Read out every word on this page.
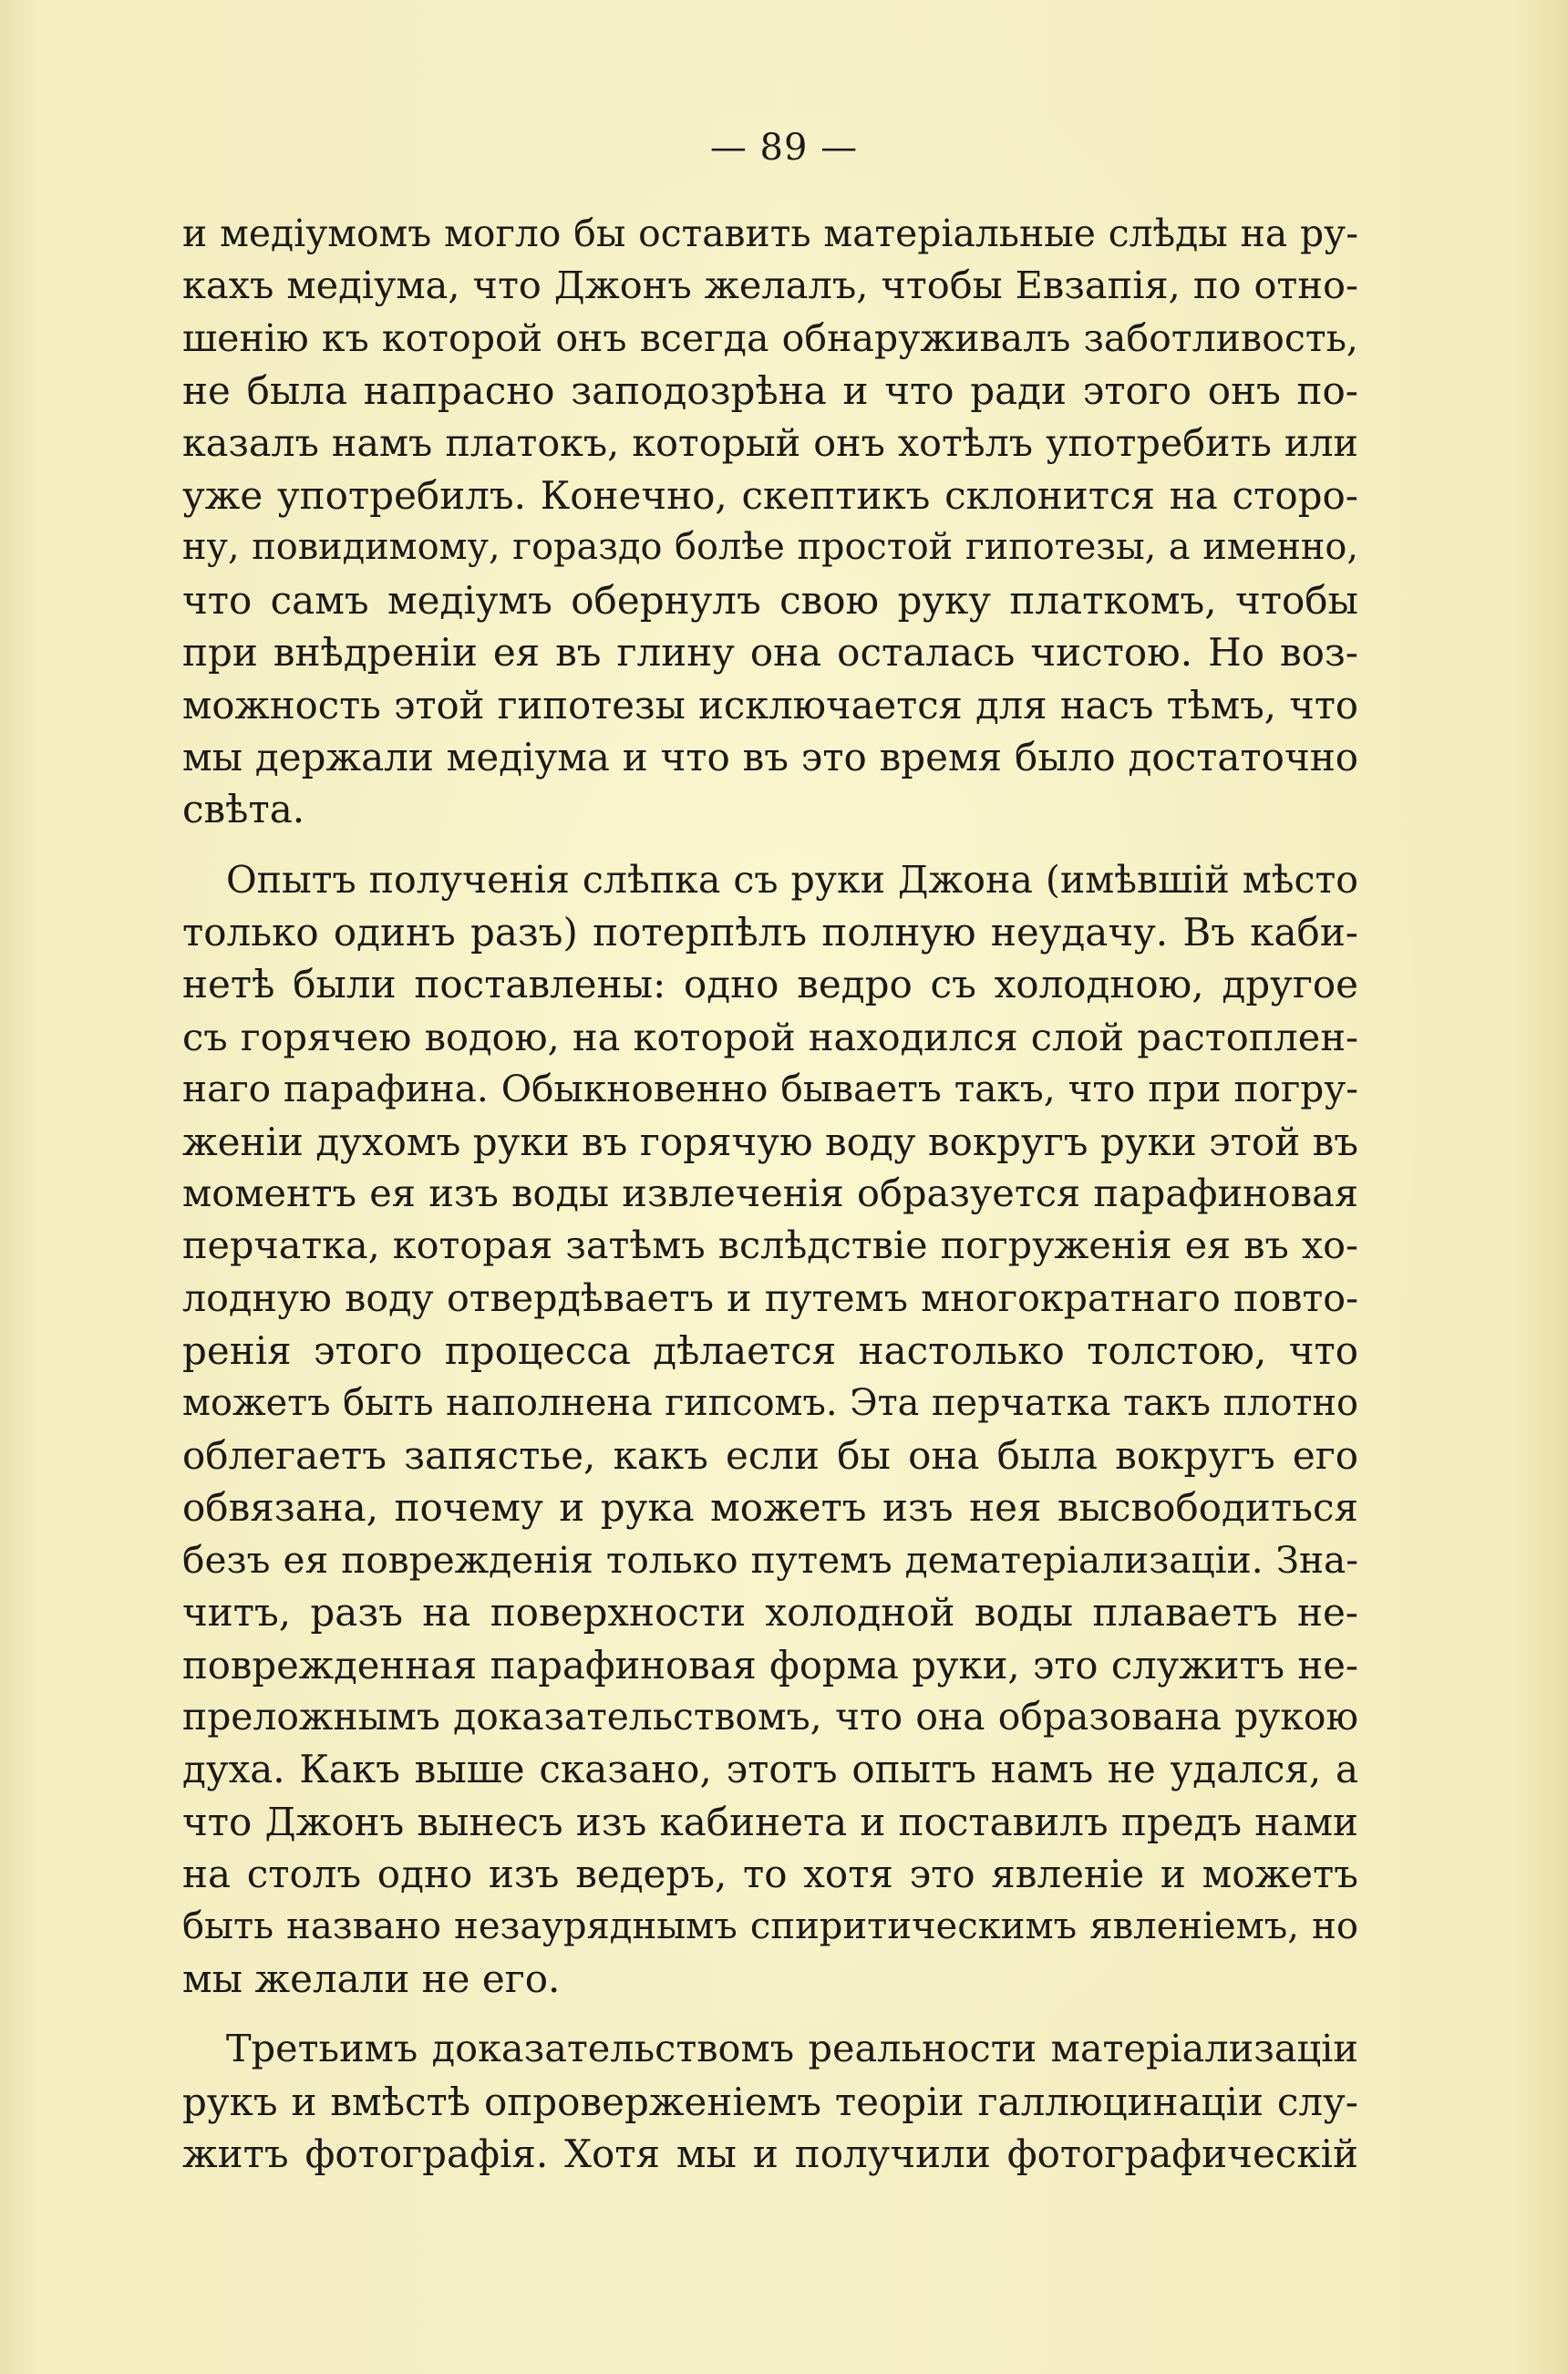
— 89 —
и медіумомъ могло бы оставить матеріальные слѣды на ру-
кахъ медіума, что Джонъ желалъ, чтобы Евзапія, по отно-
шенію къ которой онъ всегда обнаруживалъ заботливость,
не была напрасно заподозрѣна и что ради этого онъ по-
казалъ намъ платокъ, который онъ хотѣлъ употребить или
уже употребилъ. Конечно, скептикъ склонится на сторо-
ну, повидимому, гораздо болѣе простой гипотезы, а именно,
что самъ медіумъ обернулъ свою руку платкомъ, чтобы
при внѣдреніи ея въ глину она осталась чистою. Но воз-
можность этой гипотезы исключается для насъ тѣмъ, что
мы держали медіума и что въ это время было достаточно
свѣта.
Опытъ полученія слѣпка съ руки Джона (имѣвшій мѣсто
только одинъ разъ) потерпѣлъ полную неудачу. Въ каби-
нетѣ были поставлены: одно ведро съ холодною, другое
съ горячею водою, на которой находился слой растоплен-
наго парафина. Обыкновенно бываетъ такъ, что при погру-
женіи духомъ руки въ горячую воду вокругъ руки этой въ
моментъ ея изъ воды извлеченія образуется парафиновая
перчатка, которая затѣмъ вслѣдствіе погруженія ея въ хо-
лодную воду отвердѣваетъ и путемъ многократнаго повто-
ренія этого процесса дѣлается настолько толстою, что
можетъ быть наполнена гипсомъ. Эта перчатка такъ плотно
облегаетъ запястье, какъ если бы она была вокругъ его
обвязана, почему и рука можетъ изъ нея высвободиться
безъ ея поврежденія только путемъ дематеріализаціи. Зна-
читъ, разъ на поверхности холодной воды плаваетъ не-
поврежденная парафиновая форма руки, это служитъ не-
преложнымъ доказательствомъ, что она образована рукою
духа. Какъ выше сказано, этотъ опытъ намъ не удался, а
что Джонъ вынесъ изъ кабинета и поставилъ предъ нами
на столъ одно изъ ведеръ, то хотя это явленіе и можетъ
быть названо незауряднымъ спиритическимъ явленіемъ, но
мы желали не его.
Третьимъ доказательствомъ реальности матеріализаціи
рукъ и вмѣстѣ опроверженіемъ теоріи галлюцинаціи слу-
житъ фотографія. Хотя мы и получили фотографическій
